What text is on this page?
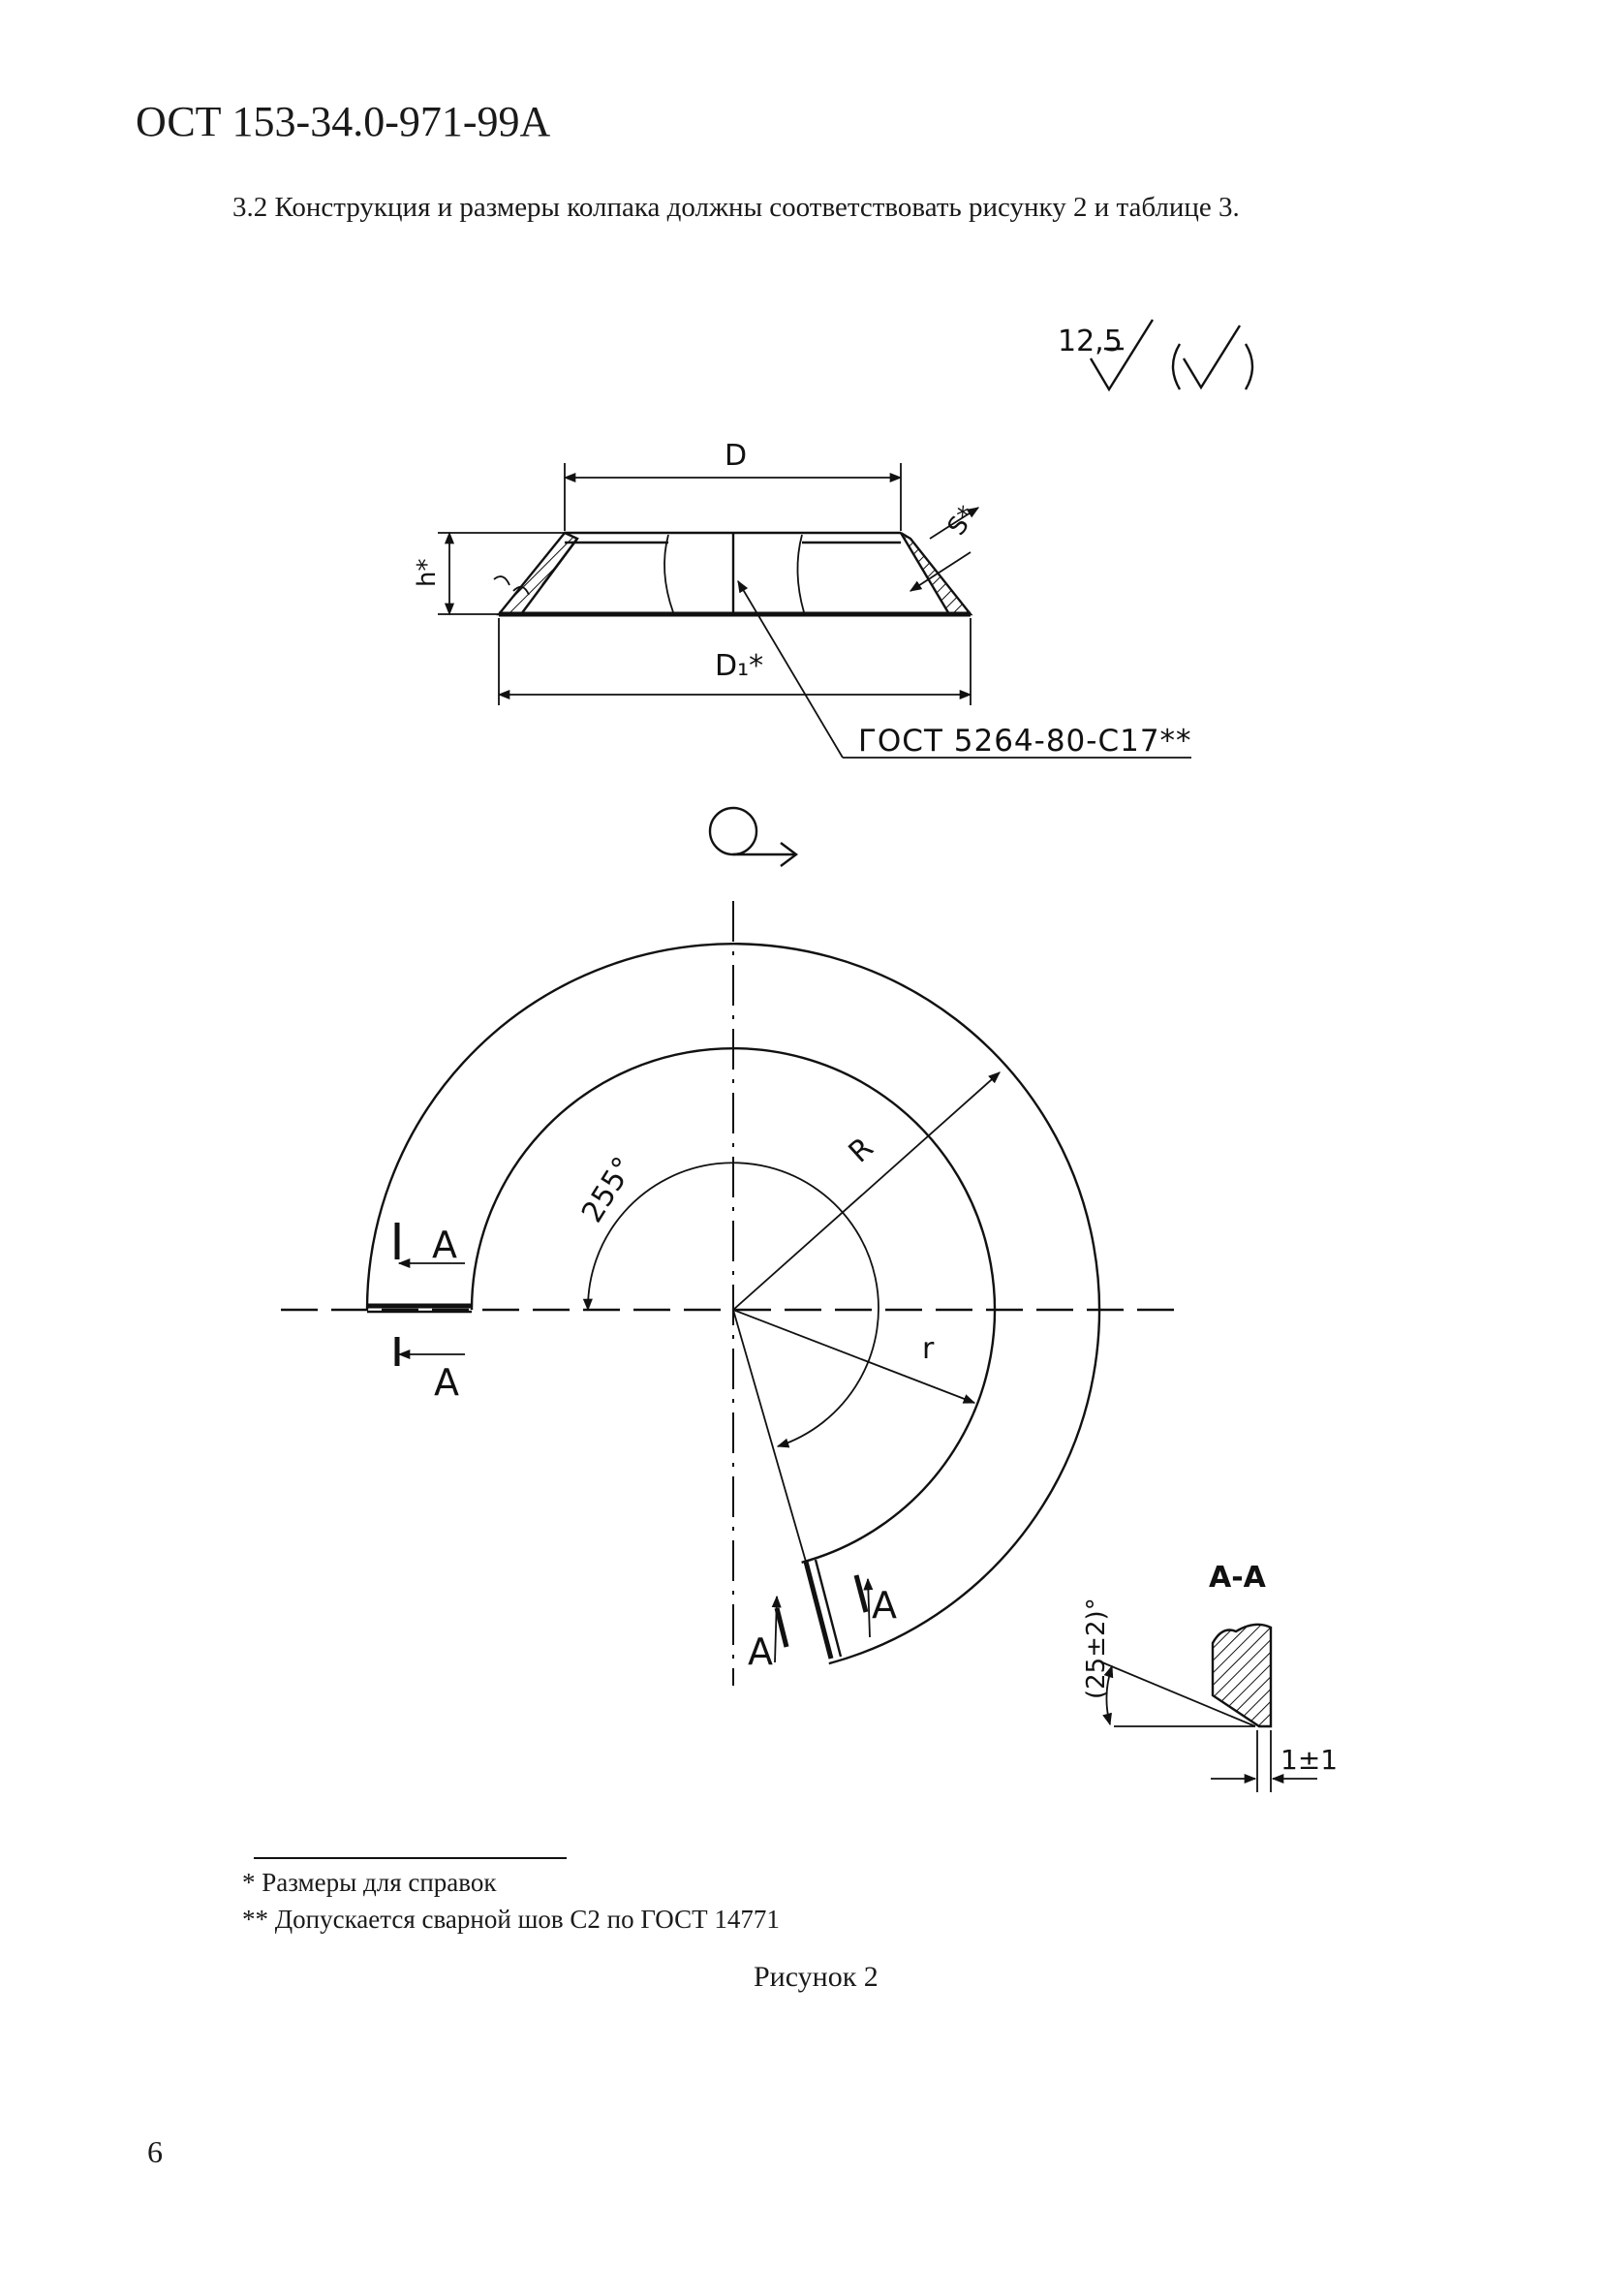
ОСТ 153-34.0-971-99А
3.2 Конструкция и размеры колпака должны соответствовать рисунку 2 и таблице 3.
12,5
D
h*
S*
D₁*
ГОСТ 5264-80-С17**
R
r
255°
А
А
А
А
А-А
(25±2)°
1±1
* Размеры для справок
** Допускается сварной шов С2 по ГОСТ 14771
Рисунок 2
6
